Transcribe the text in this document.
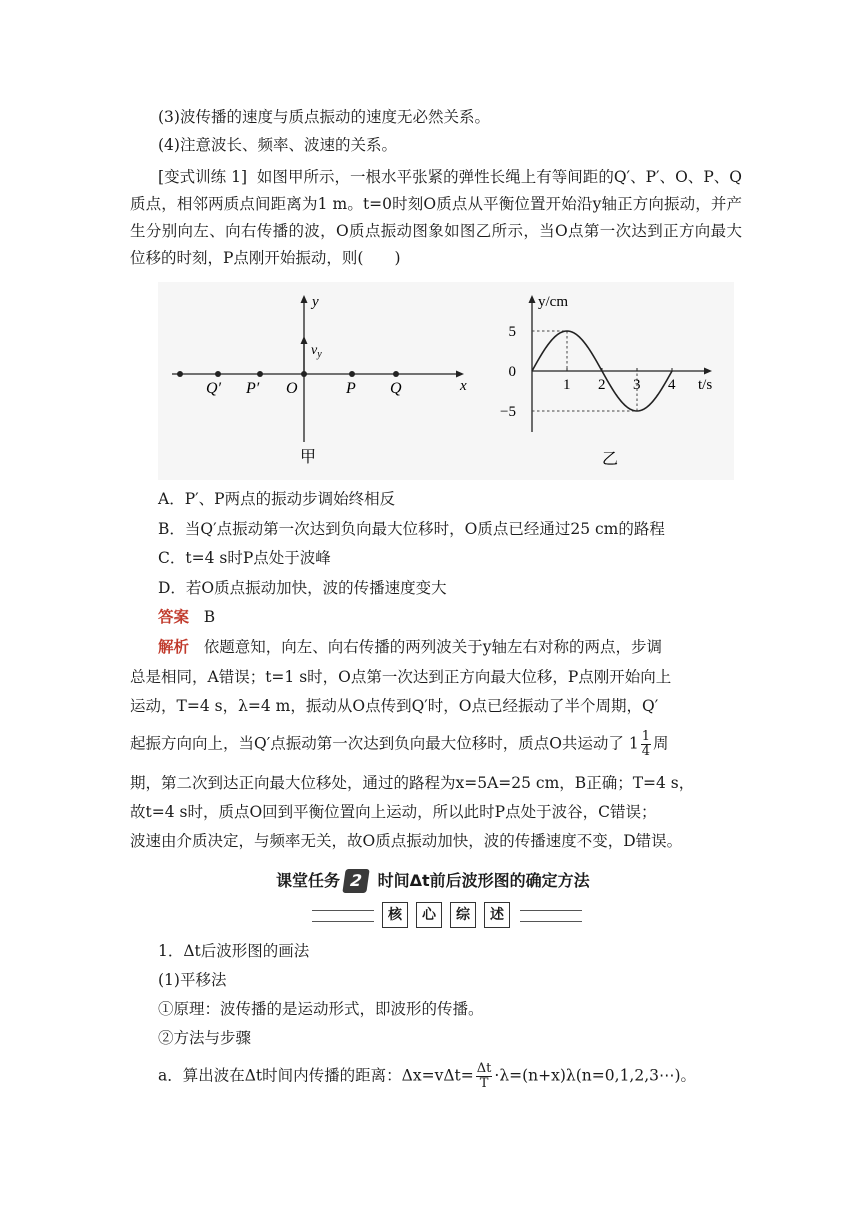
(3)波传播的速度与质点振动的速度无必然关系。
(4)注意波长、频率、波速的关系。
[变式训练 1] 如图甲所示，一根水平张紧的弹性长绳上有等间距的Q′、P′、O、P、Q质点，相邻两质点间距离为1 m。t=0时刻O质点从平衡位置开始沿y轴正方向振动，并产生分别向左、向右传播的波，O质点振动图象如图乙所示，当O点第一次达到正方向最大位移的时刻，P点刚开始振动，则(　　)
y
x
$v_y$
Q′ P′ O	P Q
甲
y/cm
t/s
5
0
−5
1 2 3 4
乙
A．P′、P两点的振动步调始终相反
B．当Q′点振动第一次达到负向最大位移时，O质点已经通过25 cm的路程
C．t=4 s时P点处于波峰
D．若O质点振动加快，波的传播速度变大
答案 B
解析 依题意知，向左、向右传播的两列波关于y轴左右对称的两点，步调
总是相同，A错误；t=1 s时，O点第一次达到正方向最大位移，P点刚开始向上
运动，T=4 s，λ=4 m，振动从O点传到Q′时，O点已经振动了半个周期，Q′
起振方向向上，当Q′点振动第一次达到负向最大位移时，质点O共运动了 $1 \frac{1}{4}$ 周
期，第二次到达正向最大位移处，通过的路程为x=5A=25 cm，B正确；T=4 s，
故t=4 s时，质点O回到平衡位置向上运动，所以此时P点处于波谷，C错误；
波速由介质决定，与频率无关，故O质点振动加快，波的传播速度不变，D错误。
课堂任务 2 时间Δt前后波形图的确定方法
核	心	综	述
1．Δt后波形图的画法
(1)平移法
①原理：波传播的是运动形式，即波形的传播。
②方法与步骤
a．算出波在Δt时间内传播的距离：$\Delta x=v\Delta t= \frac{\Delta t}{T}$ ·λ=(n+x)λ(n=0,1,2,3⋯)。
